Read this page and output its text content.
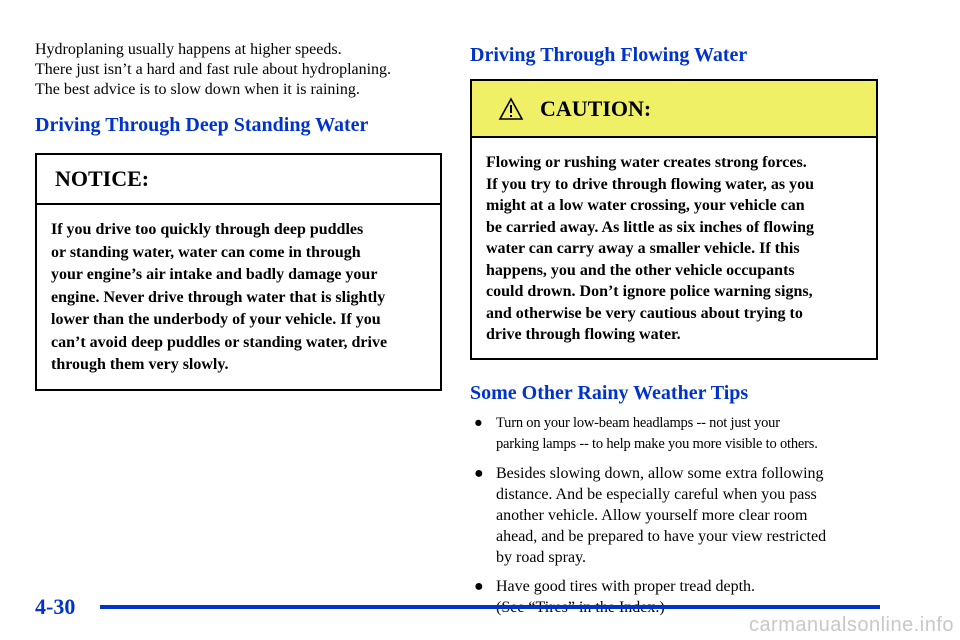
Hydroplaning usually happens at higher speeds.
There just isn’t a hard and fast rule about hydroplaning.
The best advice is to slow down when it is raining.

Driving Through Deep Standing Water
NOTICE:
If you drive too quickly through deep puddles
or standing water, water can come in through
your engine’s air intake and badly damage your
engine. Never drive through water that is slightly
lower than the underbody of your vehicle. If you
can’t avoid deep puddles or standing water, drive
through them very slowly.
Driving Through Flowing Water
CAUTION:
Flowing or rushing water creates strong forces.
If you try to drive through flowing water, as you
might at a low water crossing, your vehicle can
be carried away. As little as six inches of flowing
water can carry away a smaller vehicle. If this
happens, you and the other vehicle occupants
could drown. Don’t ignore police warning signs,
and otherwise be very cautious about trying to
drive through flowing water.
Some Other Rainy Weather Tips
● Turn on your low-beam headlamps -- not just your
parking lamps -- to help make you more visible to others.
● Besides slowing down, allow some extra following
distance. And be especially careful when you pass
another vehicle. Allow yourself more clear room
ahead, and be prepared to have your view restricted
by road spray.
● Have good tires with proper tread depth.

4-30
carmanualsonline.info
